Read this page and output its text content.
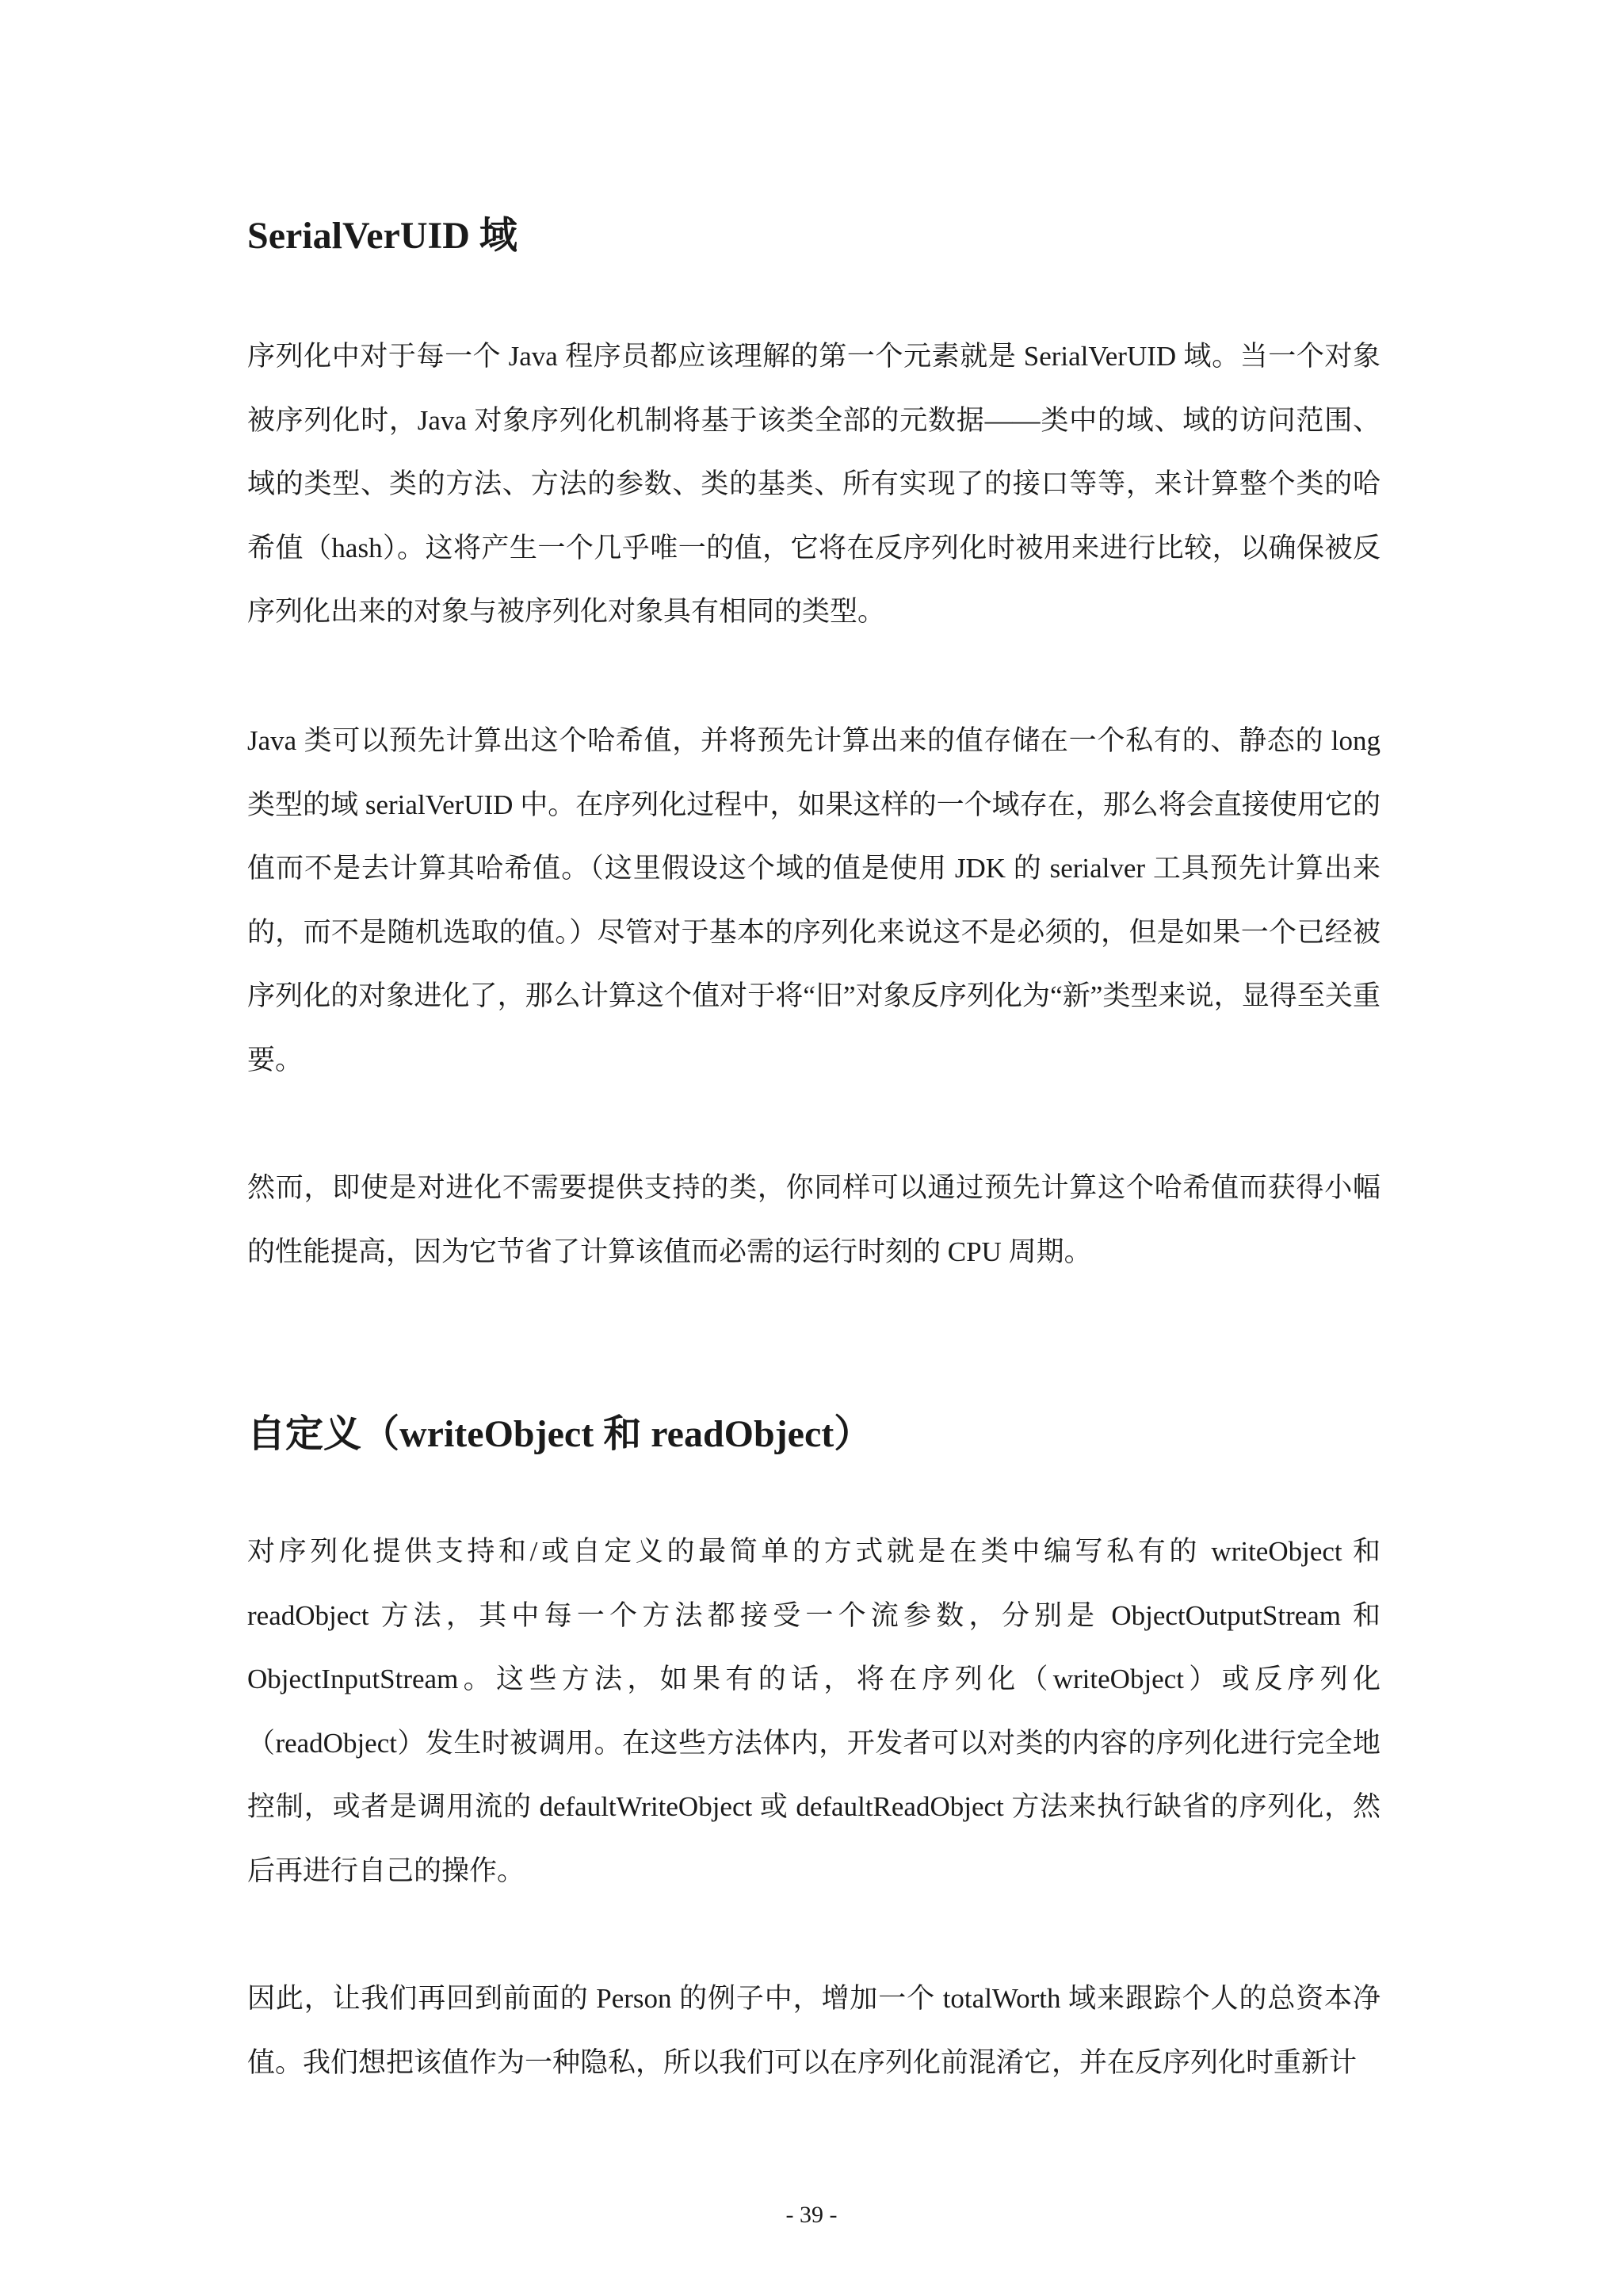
SerialVerUID 域

序列化中对于每一个 Java 程序员都应该理解的第一个元素就是 SerialVerUID 域。当一个对象被序列化时，Java 对象序列化机制将基于该类全部的元数据——类中的域、域的访问范围、域的类型、类的方法、方法的参数、类的基类、所有实现了的接口等等，来计算整个类的哈希值（hash）。这将产生一个几乎唯一的值，它将在反序列化时被用来进行比较，以确保被反序列化出来的对象与被序列化对象具有相同的类型。

Java 类可以预先计算出这个哈希值，并将预先计算出来的值存储在一个私有的、静态的 long 类型的域 serialVerUID 中。在序列化过程中，如果这样的一个域存在，那么将会直接使用它的值而不是去计算其哈希值。（这里假设这个域的值是使用 JDK 的 serialver 工具预先计算出来的，而不是随机选取的值。）尽管对于基本的序列化来说这不是必须的，但是如果一个已经被序列化的对象进化了，那么计算这个值对于将“旧”对象反序列化为“新”类型来说，显得至关重要。

然而，即使是对进化不需要提供支持的类，你同样可以通过预先计算这个哈希值而获得小幅的性能提高，因为它节省了计算该值而必需的运行时刻的 CPU 周期。

自定义（writeObject 和 readObject）

对序列化提供支持和/或自定义的最简单的方式就是在类中编写私有的 writeObject 和 readObject 方法，其中每一个方法都接受一个流参数，分别是 ObjectOutputStream 和 ObjectInputStream。这些方法，如果有的话，将在序列化（writeObject）或反序列化（readObject）发生时被调用。在这些方法体内，开发者可以对类的内容的序列化进行完全地控制，或者是调用流的 defaultWriteObject 或 defaultReadObject 方法来执行缺省的序列化，然后再进行自己的操作。

因此，让我们再回到前面的 Person 的例子中，增加一个 totalWorth 域来跟踪个人的总资本净值。我们想把该值作为一种隐私，所以我们可以在序列化前混淆它，并在反序列化时重新计

- 39 -
